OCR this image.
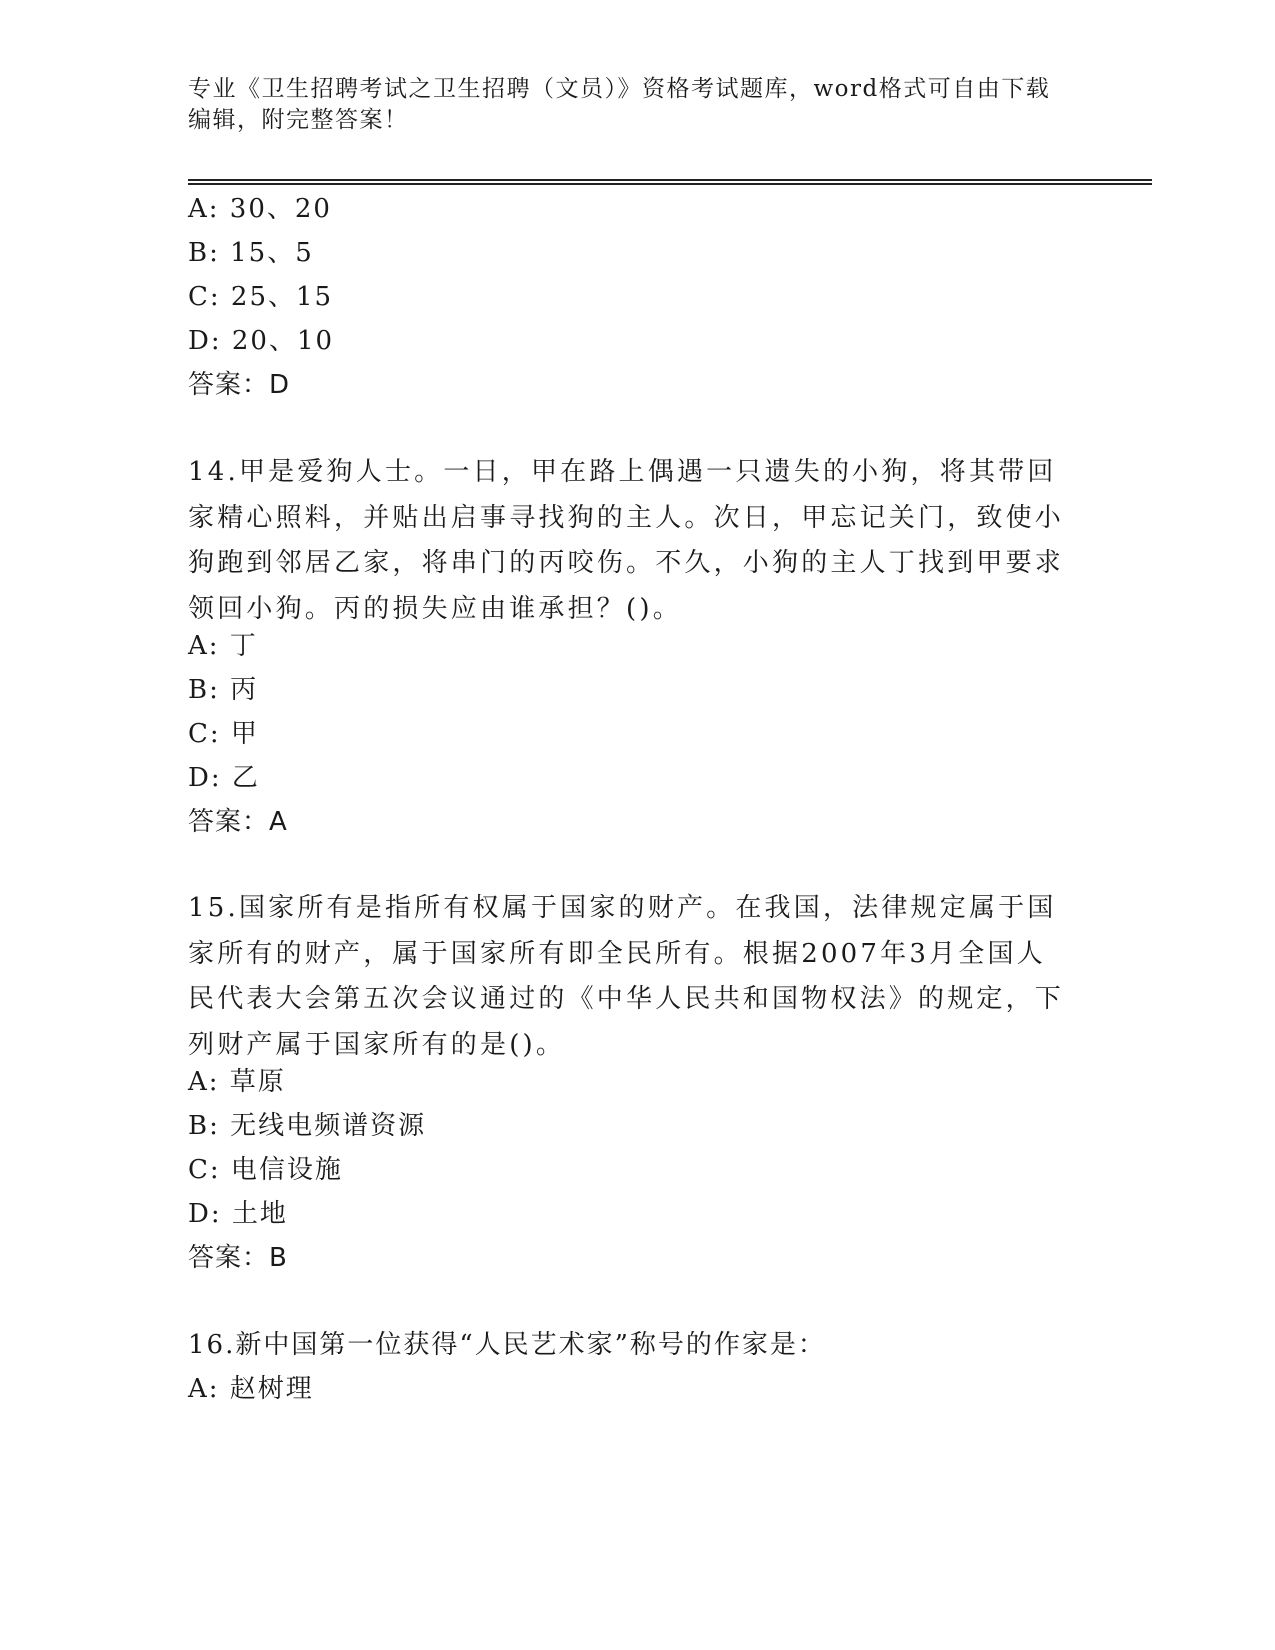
专业《卫生招聘考试之卫生招聘（文员）》资格考试题库，word格式可自由下载编辑，附完整答案！
A: 30、20
B: 15、5
C: 25、15
D: 20、10
答案：D
14.甲是爱狗人士。一日，甲在路上偶遇一只遗失的小狗，将其带回家精心照料，并贴出启事寻找狗的主人。次日，甲忘记关门，致使小狗跑到邻居乙家，将串门的丙咬伤。不久，小狗的主人丁找到甲要求领回小狗。丙的损失应由谁承担？()。
A: 丁
B: 丙
C: 甲
D: 乙
答案：A
15.国家所有是指所有权属于国家的财产。在我国，法律规定属于国家所有的财产，属于国家所有即全民所有。根据2007年3月全国人民代表大会第五次会议通过的《中华人民共和国物权法》的规定，下列财产属于国家所有的是()。
A: 草原
B: 无线电频谱资源
C: 电信设施
D: 土地
答案：B
16.新中国第一位获得“人民艺术家”称号的作家是：
A: 赵树理
